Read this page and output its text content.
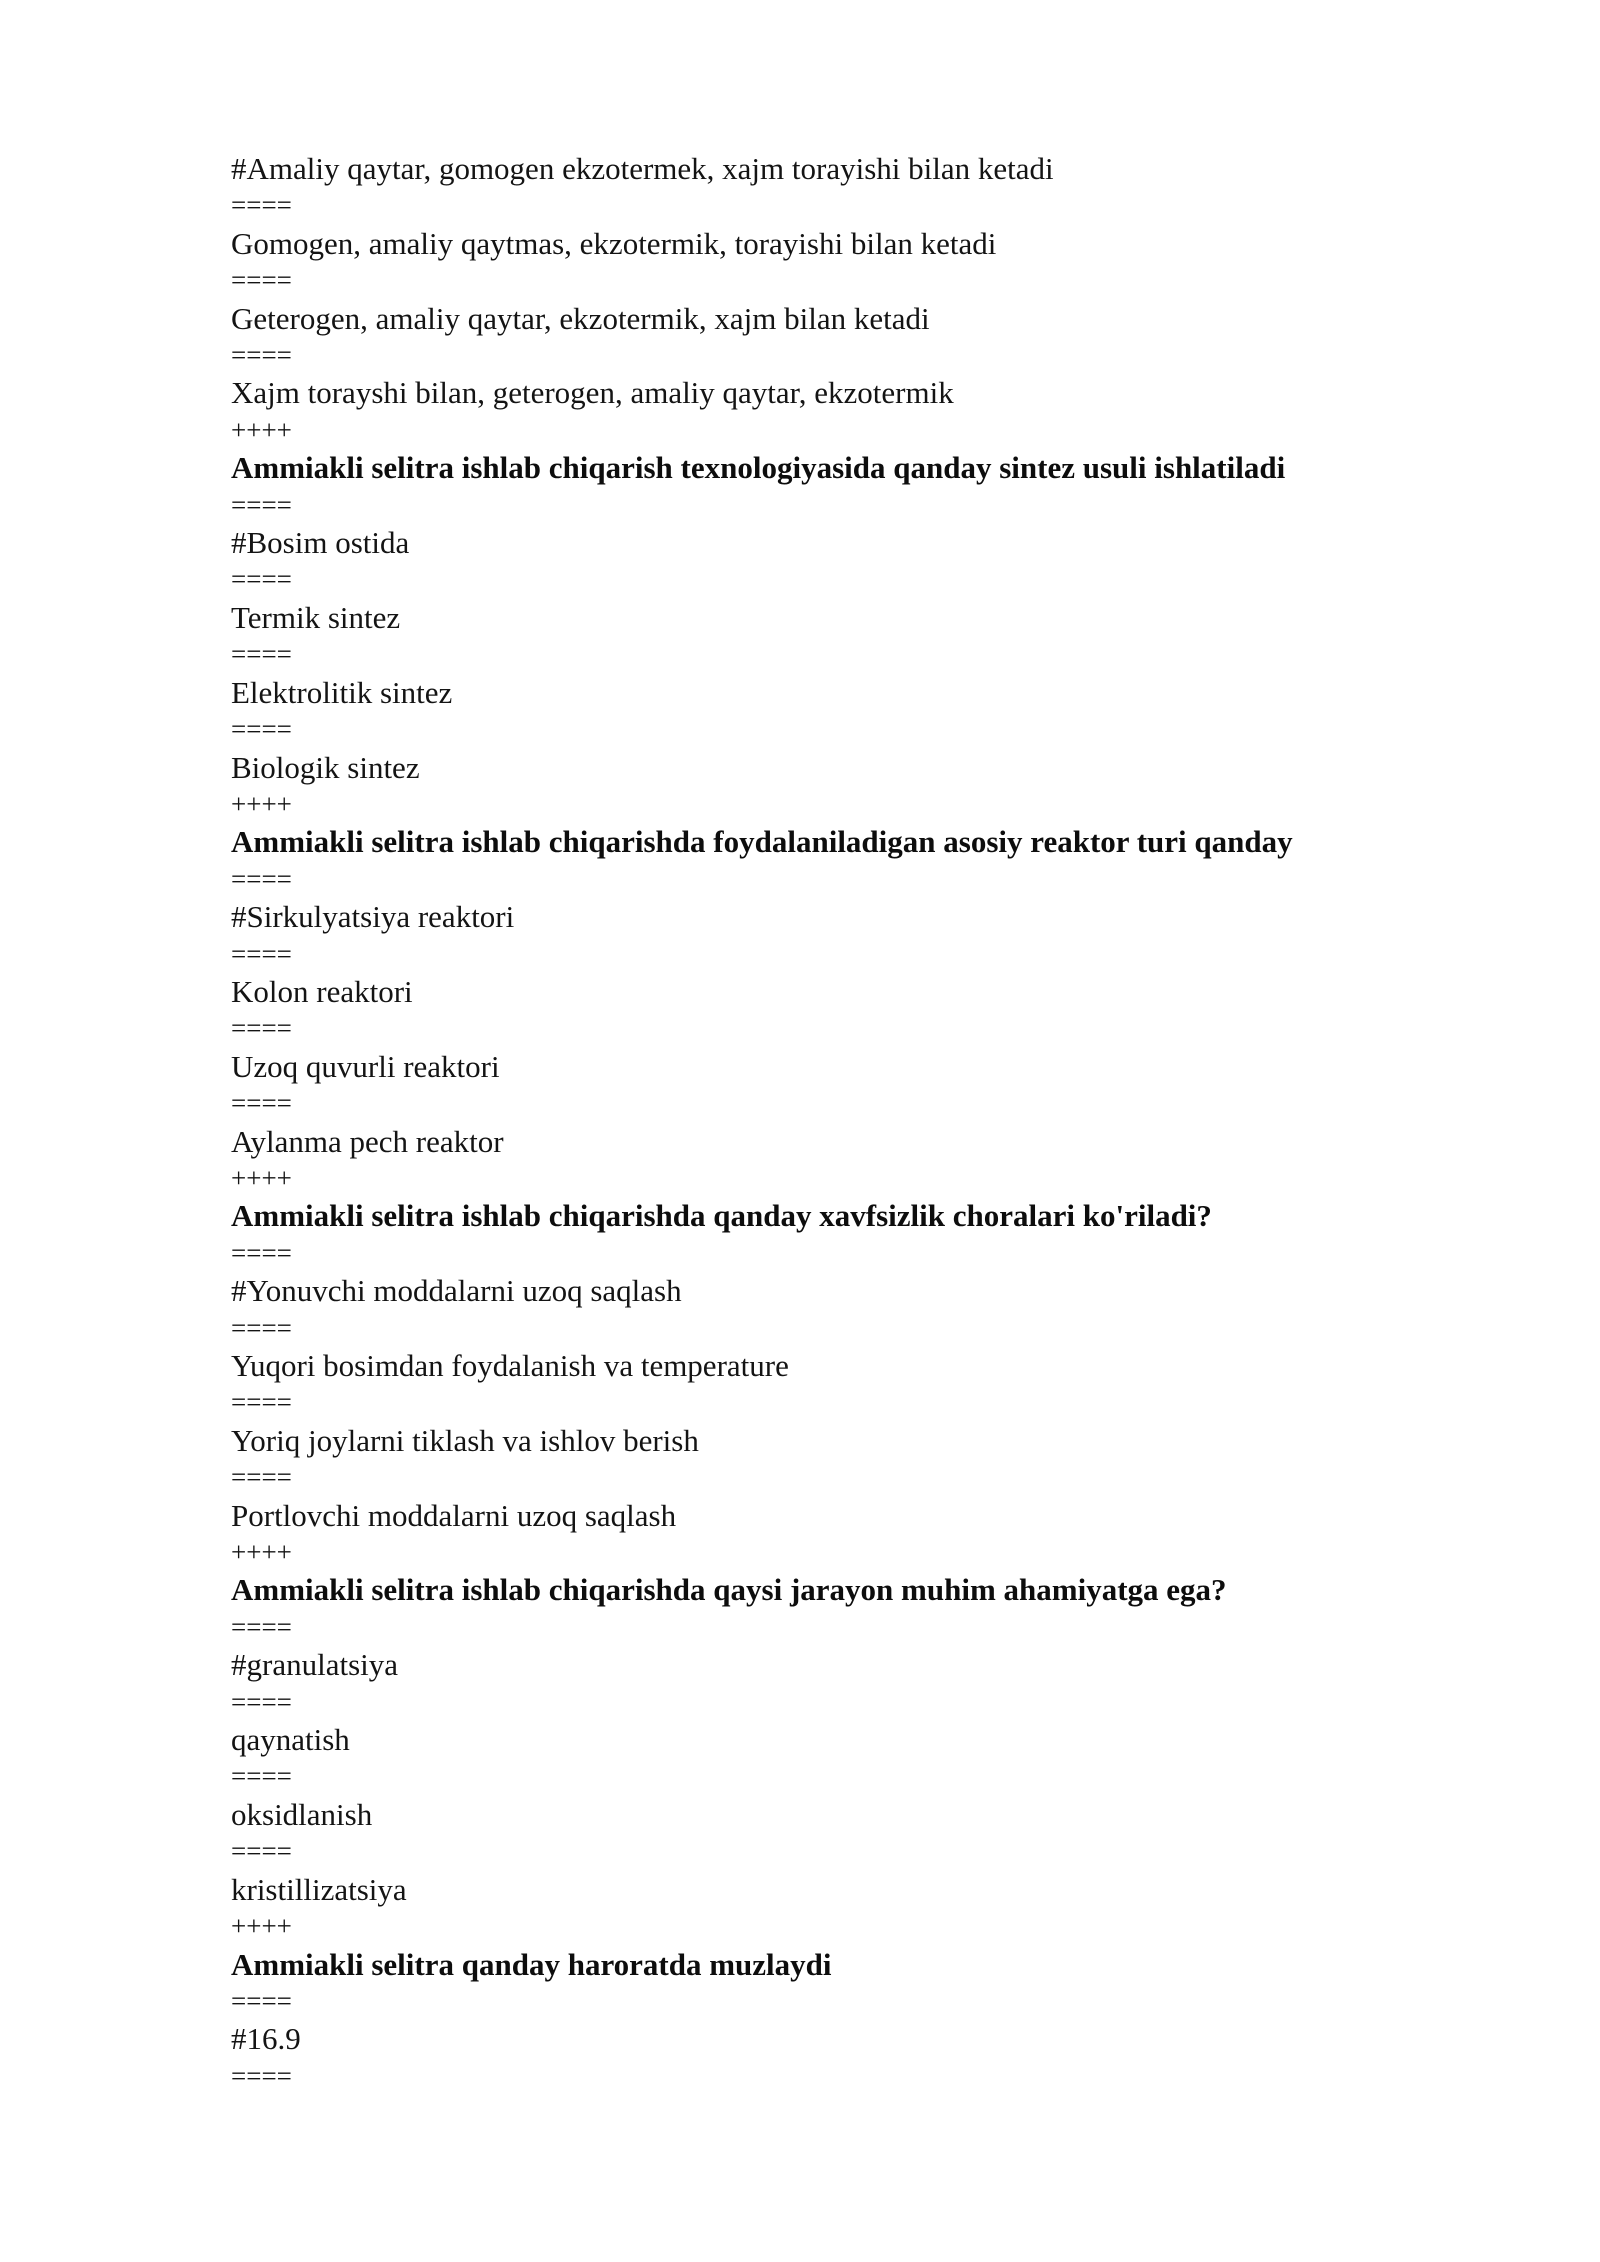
#Amaliy qaytar, gomogen ekzotermek, xajm torayishi bilan ketadi

====

Gomogen, amaliy qaytmas, ekzotermik, torayishi bilan ketadi

====

Geterogen, amaliy qaytar, ekzotermik, xajm bilan ketadi

====

Xajm torayshi bilan, geterogen, amaliy qaytar, ekzotermik

++++

Ammiakli selitra ishlab chiqarish texnologiyasida qanday sintez usuli ishlatiladi

====

#Bosim ostida

====

Termik sintez

====

Elektrolitik sintez

====

Biologik sintez

++++

Ammiakli selitra ishlab chiqarishda foydalaniladigan asosiy reaktor turi qanday

====

#Sirkulyatsiya reaktori

====

Kolon reaktori

====

Uzoq quvurli reaktori

====

Aylanma pech reaktor

++++

Ammiakli selitra ishlab chiqarishda qanday xavfsizlik choralari ko'riladi?

====

#Yonuvchi moddalarni uzoq saqlash

====

Yuqori bosimdan foydalanish va temperature

====

Yoriq joylarni tiklash va ishlov berish

====

Portlovchi moddalarni uzoq saqlash

++++

Ammiakli selitra ishlab chiqarishda qaysi jarayon muhim ahamiyatga ega?

====

#granulatsiya

====

qaynatish

====

oksidlanish

====

kristillizatsiya

++++

Ammiakli selitra qanday haroratda muzlaydi

====

#16.9

====
